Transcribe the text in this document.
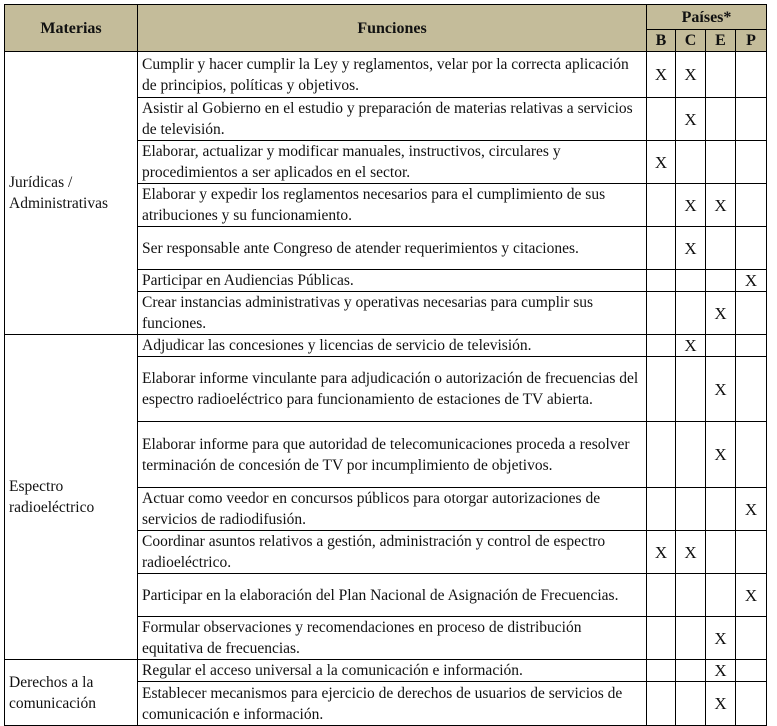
Materias	Funciones	Países*			
		B	C	E	P
Jurídicas / Administrativas	Cumplir y hacer cumplir la Ley y reglamentos, velar por la correcta aplicación de principios, políticas y objetivos.	X	X		
	Asistir al Gobierno en el estudio y preparación de materias relativas a servicios de televisión.		X		
	Elaborar, actualizar y modificar manuales, instructivos, circulares y procedimientos a ser aplicados en el sector.	X			
	Elaborar y expedir los reglamentos necesarios para el cumplimiento de sus atribuciones y su funcionamiento.		X	X	
	Ser responsable ante Congreso de atender requerimientos y citaciones.		X		
	Participar en Audiencias Públicas.				X
	Crear instancias administrativas y operativas necesarias para cumplir sus funciones.			X	
Espectro radioeléctrico	Adjudicar las concesiones y licencias de servicio de televisión.		X		
	Elaborar informe vinculante para adjudicación o autorización de frecuencias del espectro radioeléctrico para funcionamiento de estaciones de TV abierta.			X	
	Elaborar informe para que autoridad de telecomunicaciones proceda a resolver terminación de concesión de TV por incumplimiento de objetivos.			X	
	Actuar como veedor en concursos públicos para otorgar autorizaciones de servicios de radiodifusión.				X
	Coordinar asuntos relativos a gestión, administración y control de espectro radioeléctrico.	X	X		
	Participar en la elaboración del Plan Nacional de Asignación de Frecuencias.				X
	Formular observaciones y recomendaciones en proceso de distribución equitativa de frecuencias.			X	
Derechos a la comunicación	Regular el acceso universal a la comunicación e información.			X	
	Establecer mecanismos para ejercicio de derechos de usuarios de servicios de comunicación e información.			X	
